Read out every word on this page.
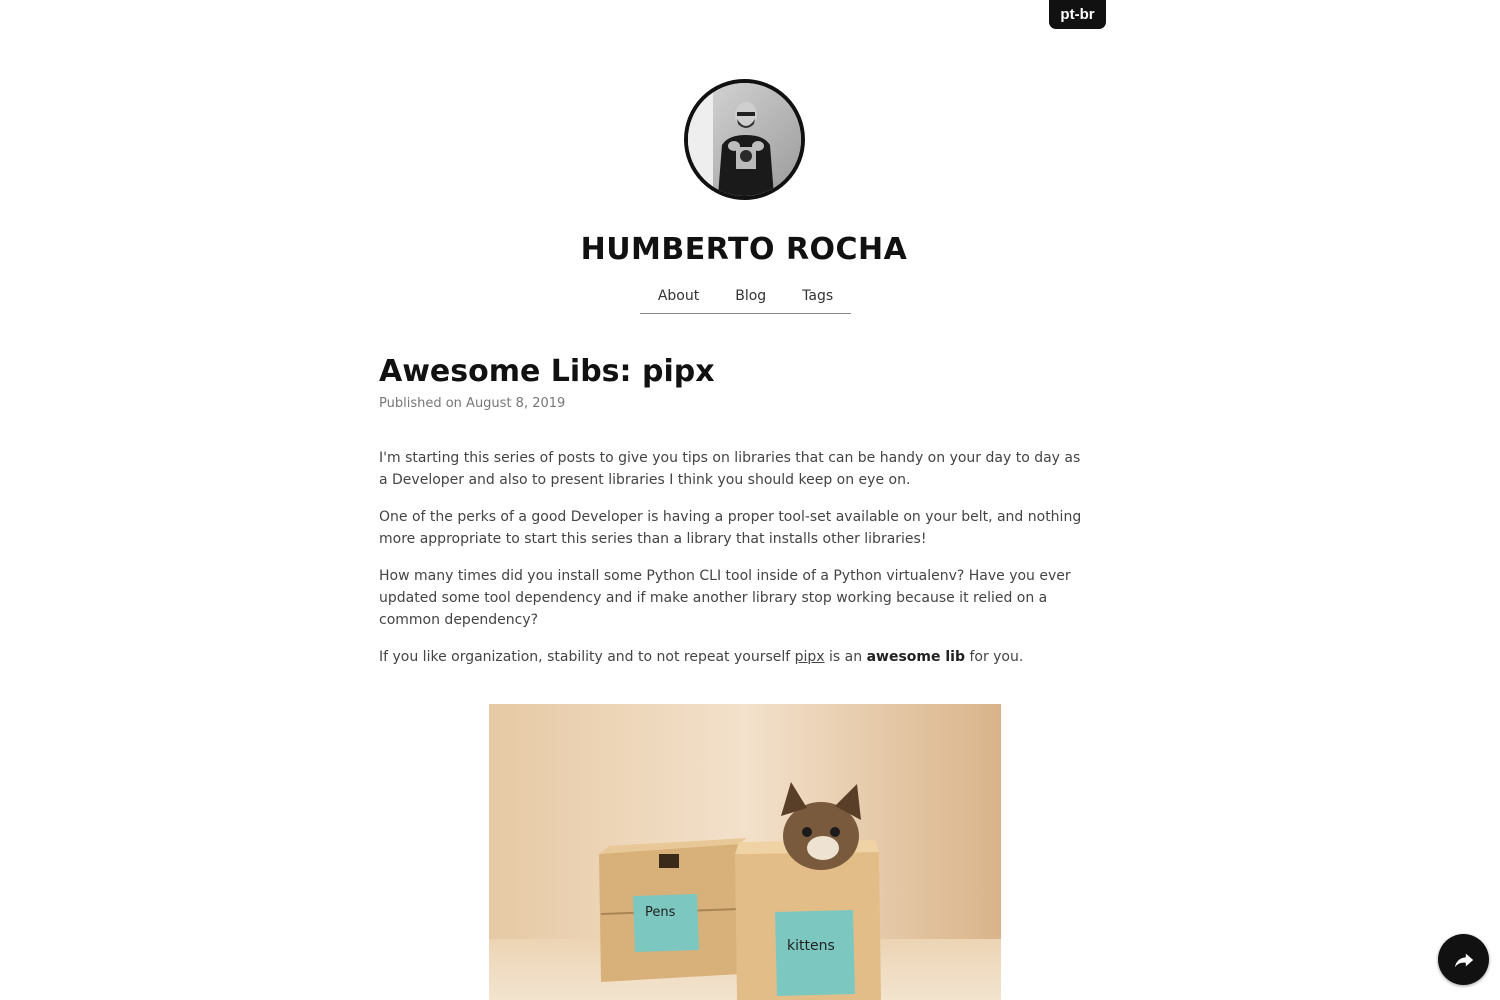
pt-br
HUMBERTO ROCHA
About	Blog	Tags
Awesome Libs: pipx
Published on August 8, 2019

I'm starting this series of posts to give you tips on libraries that can be handy on your day to day as a Developer and also to present libraries I think you should keep on eye on.

One of the perks of a good Developer is having a proper tool-set available on your belt, and nothing more appropriate to start this series than a library that installs other libraries!

How many times did you install some Python CLI tool inside of a Python virtualenv? Have you ever updated some tool dependency and if make another library stop working because it relied on a common dependency?

If you like organization, stability and to not repeat yourself pipx is an awesome lib for you.

Pens
kittens
